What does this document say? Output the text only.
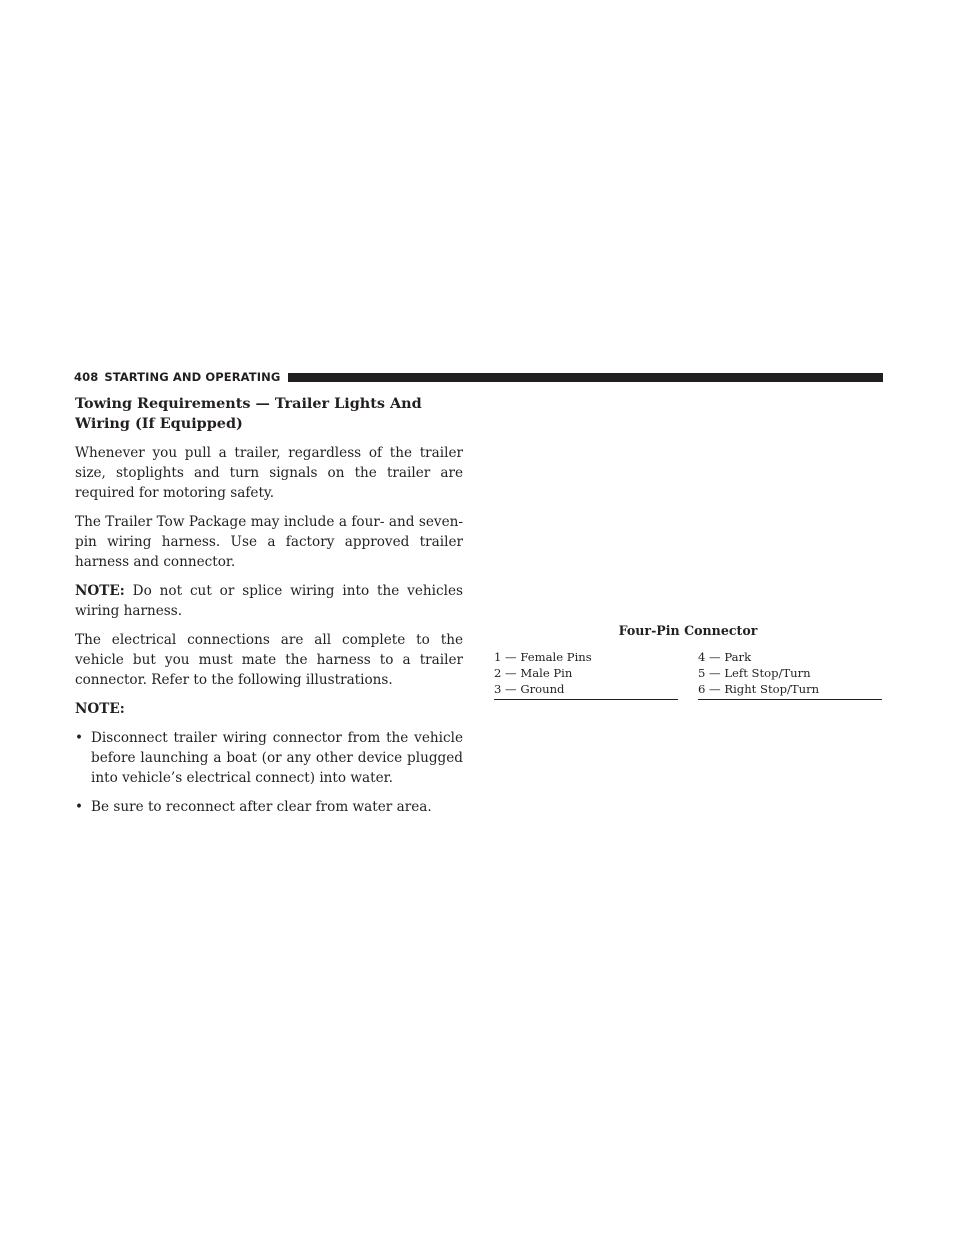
408 STARTING AND OPERATING
Towing Requirements — Trailer Lights And Wiring (If Equipped)

Whenever you pull a trailer, regardless of the trailer size, stoplights and turn signals on the trailer are required for motoring safety.

The Trailer Tow Package may include a four- and seven-pin wiring harness. Use a factory approved trailer harness and connector.

NOTE: Do not cut or splice wiring into the vehicles wiring harness.

The electrical connections are all complete to the vehicle but you must mate the harness to a trailer connector. Refer to the following illustrations.

NOTE:

• Disconnect trailer wiring connector from the vehicle before launching a boat (or any other device plugged into vehicle’s electrical connect) into water.
• Be sure to reconnect after clear from water area.
Four-Pin Connector
1 — Female Pins
2 — Male Pin
3 — Ground
4 — Park
5 — Left Stop/Turn
6 — Right Stop/Turn
